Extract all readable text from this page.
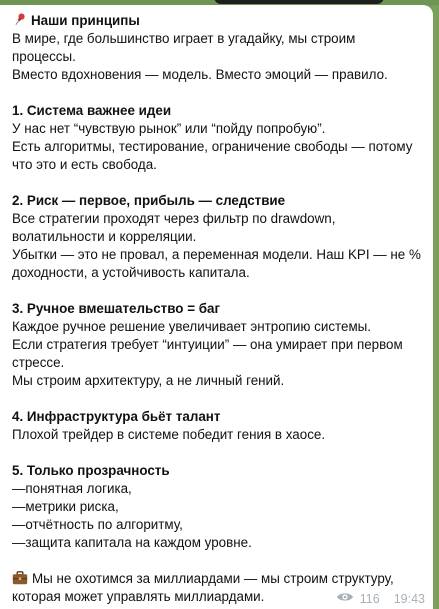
Наши принципы
В мире, где большинство играет в угадайку, мы строим
процессы.
Вместо вдохновения — модель. Вместо эмоций — правило.
1. Система важнее идеи
У нас нет “чувствую рынок” или “пойду попробую”.
Есть алгоритмы, тестирование, ограничение свободы — потому
что это и есть свобода.
2. Риск — первое, прибыль — следствие
Все стратегии проходят через фильтр по drawdown,
волатильности и корреляции.
Убытки — это не провал, а переменная модели. Наш KPI — не %
доходности, а устойчивость капитала.
3. Ручное вмешательство = баг
Каждое ручное решение увеличивает энтропию системы.
Если стратегия требует “интуиции” — она умирает при первом
стрессе.
Мы строим архитектуру, а не личный гений.
4. Инфраструктура бьёт талант
Плохой трейдер в системе победит гения в хаосе.
5. Только прозрачность
—понятная логика,
—метрики риска,
—отчётность по алгоритму,
—защита капитала на каждом уровне.
Мы не охотимся за миллиардами — мы строим структуру,
которая может управлять миллиардами.	116 19:43
